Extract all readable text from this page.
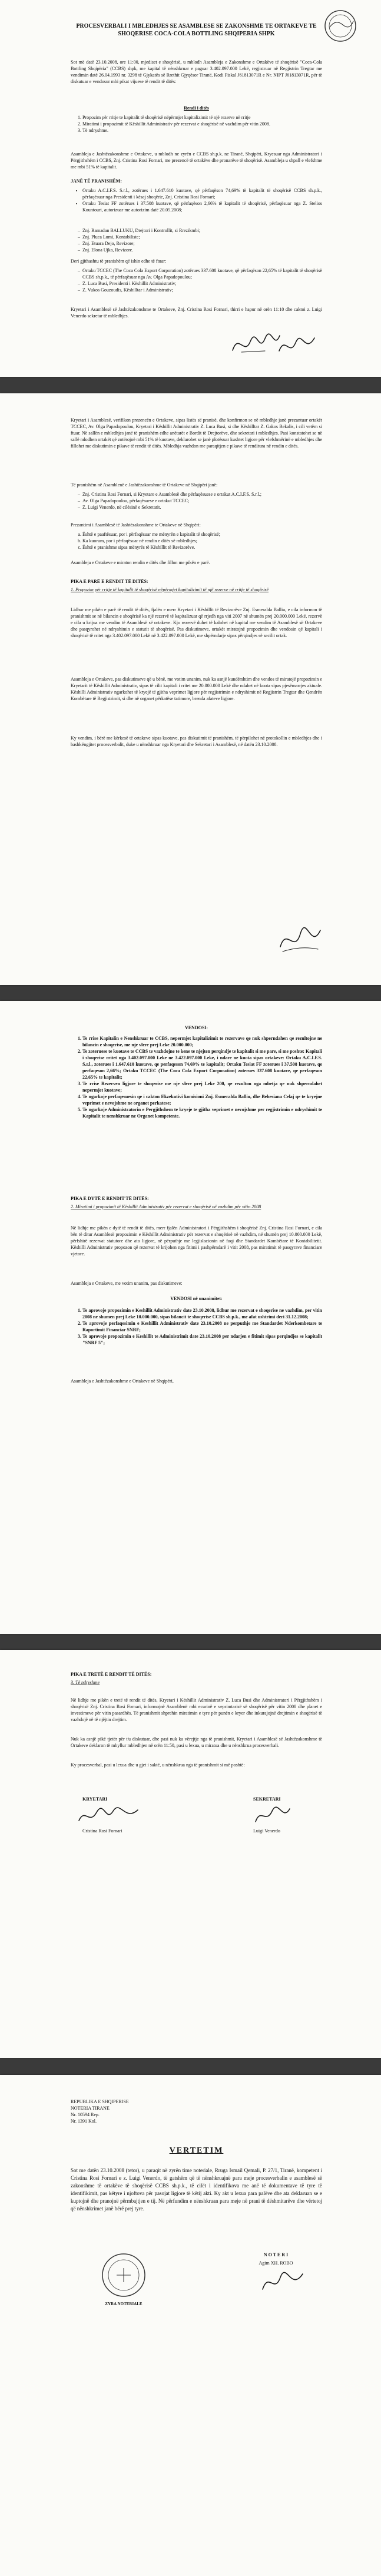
PROCESVERBALI I MBLEDHJES SE ASAMBLESE SE ZAKONSHME TE ORTAKEVE TE SHOQERISE COCA-COLA BOTTLING SHQIPERIA SHPK
Sot më datë 23.10.2008, ore 11:00, mjediset e shoqërisë, u mblodh Asambleja e Zakonshme e Ortakëve të shoqërisë "Coca-Cola Bottling Shqipëria" (CCBS) shpk, me kapital të nënshkruar e paguar 3.402.097.000 Lekë, regjistruar në Regjistrin Tregtar me vendimin datë 26.04.1993 nr. 3298 të Gjykatës së Rrethit Gjyqësor Tiranë, Kodi Fiskal J61813071R e Nr. NIPT J61813071R, për të diskutuar e vendosur mbi pikat vijuese të rendit të ditës:
Rendi i ditës
1. Propozim për rritje te kapitalit të shoqërisë nëpërmjet kapitalizimit të një rezerve në rritje
2. Miratimi i propozimit të Këshillit Administrativ për rezervat e shoqërisë në vazhdim për vitin 2008.
3. Të ndryshme.
Asambleja e Jashtëzakonshme e Ortakeve, u mblodh ne zyrën e CCBS sh.p.k. ne Tiranë, Shqipëri, Kryesuar nga Administratori i Përgjithshëm i CCBS, Znj. Cristina Rosi Fornari, me prezencë të ortakëve dhe pronarëve të shoqërisë. Asambleja u shpall e vlefshme me mbi 51% të kapitalit.
JANË TË PRANISHËM:
• Ortaku A.C.I.F.S. S.r.l., zotërues i 1.647.610 kuotave, që përfaqëson 74,69% të kapitalit të shoqërisë CCBS sh.p.k., përfaqësuar nga Presidenti i kësaj shoqërie, Znj. Cristina Rosi Fornari;
• Ortaku Tesiat FF zotërues i 37.508 kuotave, që përfaqëson 2,66% të kapitalit të shoqërisë, përfaqësuar nga Z. Stelios Kountouri, autorizuar me autorizim datë 20.05.2008;
– Znj. Ramadan BALLUKU, Drejtori i Kontrollit, si Rrezikmbi;
– Znj. Pluca Lumi, Kontabiliste;
– Znj. Etuara Dejo, Revizore;
– Znj. Elona Ujka, Revizore.
Deri gjithashtu të pranishëm që ishin edhe të ftuar:
– Ortaku TCCEC (The Coca Cola Export Corporation) zotërues 337.608 kuotave, që përfaqëson 22,65% të kapitalit të shoqërisë CCBS sh.p.k., të përfaqësuar nga Av. Olga Papadopoulou;
– Z. Luca Busi, Presidenti i Këshillit Administrativ;
– Z. Vukos Gouzoudis, Këshilltar i Administrativ;
Kryetari i Asamblesë së Jashtëzakonshme te Ortakeve, Znj. Cristina Rosi Fornari, thirri e hapur në orën 11:10 dhe caktoi z. Luigi Venerdo sekretar të mbledhjes.
Kryetari i Asamblesë, verifikon prezencën e Ortakeve, sipas listës së pranisë, dhe konfirmon se në mbledhje janë prezantuar ortakët TCCEC, Av. Olga Papadopoulou, Kryetari i Këshillit Administrativ Z. Luca Busi, si dhe Këshilltar Z. Gakos Bekalis, i cili vetëm si ftuar. Në sallën e mbledhjes janë të pranishëm edhe anëtarët e Bordit të Drejtorëve, dhe sekretari i mbledhjes. Pasi konstatohet se në sallë ndodhen ortakët që zotërojnë mbi 51% të kuotave, deklarohet se janë plotësuar kushtet ligjore për vlefshmërinë e mbledhjes dhe fillohet me diskutimin e pikave të rendit të ditës. Mbledhja vazhdon me paraqitjen e pikave të renditura në rendin e ditës.
Të pranishëm në Asamblenë e Jashtëzakonshme të Ortakeve në Shqipëri janë:
– Znj. Cristina Rosi Fornari, si Kryetare e Asamblesë dhe përfaqësuese e ortakut A.C.I.F.S. S.r.l.;
– Av. Olga Papadopoulou, përfaqësuese e ortakut TCCEC;
– Z. Luigi Venerdo, në cilësinë e Sekretarit.
Prezantimi i Asamblesë të Jashtëzakonshme te Ortakeve në Shqipëri:
a. Është e paaftësuar, por i përfaqësuar me mënyrën e kapitalit të shoqërisë;
b. Ka kuorum, por i përfaqësuar në rendin e ditës së mbledhjes;
c. Është e pranishme sipas mënyrës të Këshillit të Revizorëve.
Asambleja e Ortakeve e miraton rendin e ditës dhe fillon me pikën e parë.
PIKA E PARË E RENDIT TË DITËS:
1. Propozim për rritje të kapitalit të shoqërisë nëpërmjet kapitalizimit të një rezerve në rritje të shoqërisë
Lidhur me pikën e parë të rendit të ditës, fjalën e merr Kryetari i Këshillit të Revizorëve Znj. Esmeralda Balliu, e cila informon të pranishmit se në bilancin e shoqërisë ka një rezervë të kapitalizuar që rrjedh nga viti 2007 në shumën prej 20.000.000 Lekë, rezervë e cila u krijua me vendim të Asamblesë së ortakeve. Kjo rezervë duhet të kalohet në kapital me vendim të Asamblesë së Ortakeve dhe pasqyrohet në ndryshimin e statutit të shoqërisë. Pas diskutimeve, ortakët miratojnë propozimin dhe vendosin që kapitali i shoqërisë të rritet nga 3.402.097.000 Lekë në 3.422.097.000 Lekë, me shpërndarje sipas përqindjes së secilit ortak.
Asambleja e Ortakeve, pas diskutimeve që u bënë, me votim unanim, nuk ka asnjë kundërshtim dhe vendos të miratojë propozimin e Kryetarit të Këshillit Administrativ, sipas të cilit kapitali i rritet me 20.000.000 Lekë dhe ndahet në kuota sipas pjesëmarrjes aktuale. Këshilli Administrativ ngarkohet të kryejë të gjitha veprimet ligjore për regjistrimin e ndryshimit në Regjistrin Tregtar dhe Qendrën Kombëtare të Regjistrimit, si dhe në organet përkatëse tatimore, brenda afateve ligjore.
Ky vendim, i bërë me kërkesë të ortakeve sipas kuotave, pas diskutimit të pranishëm, të përpilohet në protokollin e mbledhjes dhe i bashkëngjitet procesverbalit, duke u nënshkruar nga Kryetari dhe Sekretari i Asamblesë, në datën 23.10.2008.
VENDOSI:
1. Te rrise Kapitalin e Nenshkruar te CCBS, nepermjet kapitalizimit te rezervave qe nuk shperndahen qe rezultojne ne bilancin e shoqerise, me nje vlere prej Leke 20.000.000;
2. Te zoteruese te kuotave te CCBS te vazhdojne te kene te njejten perqindje te kapitalit si me pare, si me poshte: Kapitali i shoqerise rritet nga 3.402.097.000 Leke ne 3.422.097.000 Leke, i ndare ne kuota sipas ortakeve: Ortaku A.C.I.F.S. S.r.l., zoterues i 1.647.610 kuotave, qe perfaqeson 74,69% te kapitalit; Ortaku Tesiat FF zoterues i 37.508 kuotave, qe perfaqeson 2,66%; Ortaku TCCEC (The Coca Cola Export Corporation) zoterues 337.608 kuotave, qe perfaqeson 22,65% te kapitalit;
3. Te rrise Rezerven ligjore te shoqerise me nje vlere prej Leke 200, qe rezulton nga mbetja qe nuk shperndahet nepermjet kuotave;
4. Te ngarkoje perfaqesuesin qe i cakton Ekzekutivi komisioni Znj. Esmeralda Balliu, dhe Behesiana Celaj qe te kryejne veprimet e nevojshme ne organet perkatese;
5. Te ngarkoje Administratorin e Pergjithshem te kryeje te gjitha veprimet e nevojshme per regjistrimin e ndryshimit te Kapitalit te nenshkruar ne Organet kompetente.
PIKA E DYTË E RENDIT TË DITËS:
2. Miratimi i propozimit të Këshillit Administrativ për rezervat e shoqërisë në vazhdim për vitin 2008
Në lidhje me pikën e dytë të rendit të ditës, merr fjalën Administratori i Përgjithshëm i shoqërisë Znj. Cristina Rosi Fornari, e cila bën të ditur Asamblesë propozimin e Këshillit Administrativ për rezervat e shoqërisë në vazhdim, në shumën prej 10.000.000 Lekë, përfshirë rezervat statutore dhe ato ligjore, në përputhje me legjislacionin në fuqi dhe Standardet Kombëtare të Kontabilitetit. Këshilli Administrativ propozon që rezervat të krijohen nga fitimi i pashpërndarë i vitit 2008, pas miratimit të pasqyrave financiare vjetore.
Asambleja e Ortakeve, me votim unanim, pas diskutimeve:
VENDOSI në unanimitet:
1. Te aprovoje propozimin e Keshillit Administrativ date 23.10.2008, lidhur me rezervat e shoqerise ne vazhdim, per vitin 2008 ne shumen prej Leke 10.000.000, sipas bilancit te shoqerise CCBS sh.p.k., me afat ushtrimi deri 31.12.2008;
2. Te aprovoje perfaqesimin e Keshillit Administrativ date 23.10.2008 ne perputhje me Standardet Nderkombetare te Raportimit Financiar SNRF;
3. Te aprovoje propozimin e Keshillit te Administrimit date 23.10.2008 per ndarjen e fitimit sipas perqindjes se kapitalit "SNRF 5";
Asambleja e Jashtëzakonshme e Ortakeve në Shqipëri,
PIKA E TRETË E RENDIT TË DITËS:
3. Të ndryshme
Në lidhje me pikën e tretë të rendit të ditës, Kryetari i Këshillit Administrativ Z. Luca Busi dhe Administratori i Përgjithshëm i shoqërisë Znj. Cristina Rosi Fornari, informojnë Asamblenë mbi ecurinë e veprimtarisë së shoqërisë për vitin 2008 dhe planet e investimeve për vitin pasardhës. Të pranishmit shprehin miratimin e tyre për punën e kryer dhe inkurajojnë drejtimin e shoqërisë të vazhdojë në të njëjtin drejtim.
Nuk ka asnjë pikë tjetër për t'u diskutuar, dhe pasi nuk ka vërejtje nga të pranishmit, Kryetari i Asamblesë së Jashtëzakonshme të Ortakeve deklaron të mbyllur mbledhjen në orën 11:50, pasi u lexua, u miratua dhe u nënshkrua procesverbali.
Ky procesverbal, pasi u lexua dhe u gjet i saktë, u nënshkrua nga të pranishmit si më poshtë:
KRYETARI	SEKRETARI
Cristina Rosi Fornari	Luigi Venerdo
REPUBLIKA E SHQIPERISE
NOTERIA TIRANE
Nr. 10594 Rep.
Nr. 1391 Kol.
VERTETIM
Sot me datën 23.10.2008 (tetor), u paraqit në zyrën time noteriale, Rruga Ismail Qemali, P. 27/1, Tiranë, kompetent i Cristina Rosi Fornari e z. Luigi Venerdo, të gatshëm që të nënshkruajnë para meje procesverbalin e asamblesë së zakonshme të ortakëve të shoqërisë CCBS sh.p.k., të cilët i identifikova me anë të dokumentave të tyre të identifikimit, pas këtyre i njoftova për pasojat ligjore të këtij akti. Ky akt u lexua para palëve dhe ata deklaruan se e kuptojnë dhe pranojnë përmbajtjen e tij. Në përfundim e nënshkruan para meje në prani të dëshmitarëve dhe vërtetoj që nënshkrimet janë bërë prej tyre.
N O T E R I
Agim XH. ROBO
ZYRA NOTERIALE
